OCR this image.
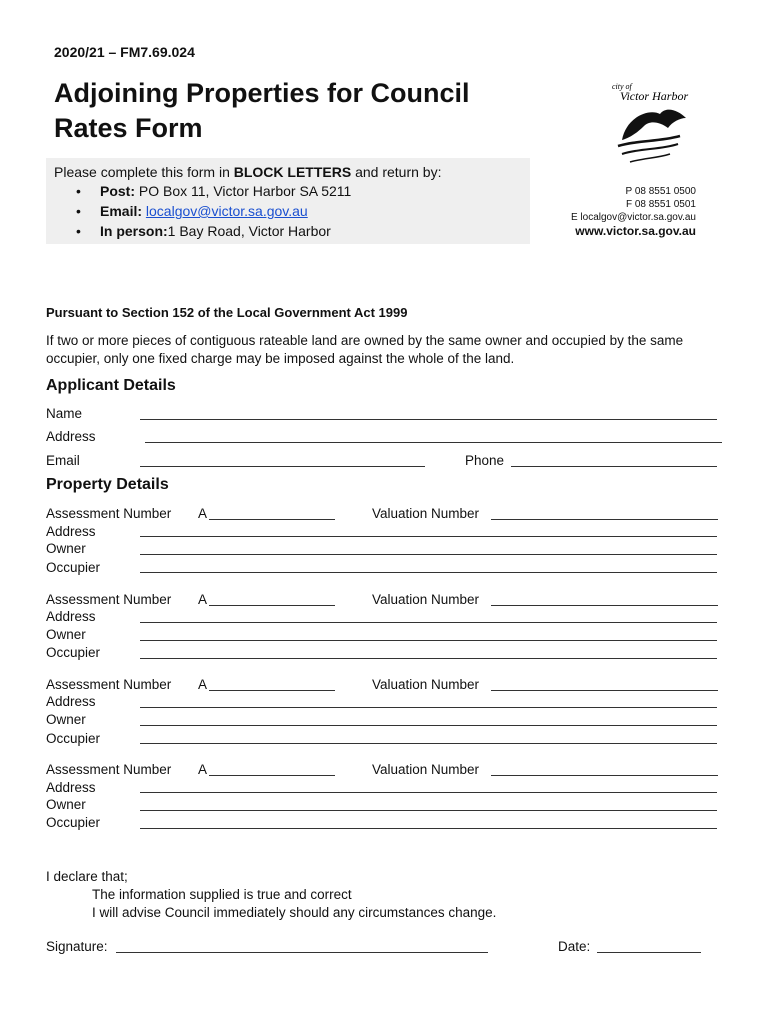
2020/21 – FM7.69.024
Adjoining Properties for Council Rates Form
Please complete this form in BLOCK LETTERS and return by:
• Post: PO Box 11, Victor Harbor SA 5211
• Email: localgov@victor.sa.gov.au
• In person:1 Bay Road, Victor Harbor
city of
Victor Harbor
P 08 8551 0500
F 08 8551 0501
E localgov@victor.sa.gov.au
www.victor.sa.gov.au
Pursuant to Section 152 of the Local Government Act 1999
If two or more pieces of contiguous rateable land are owned by the same owner and occupied by the same occupier, only one fixed charge may be imposed against the whole of the land.
Applicant Details
Name
Address
Email	Phone
Property Details
Assessment Number A	Valuation Number
Address
Owner
Occupier
Assessment Number A	Valuation Number
Address
Owner
Occupier
Assessment Number A	Valuation Number
Address
Owner
Occupier
Assessment Number A	Valuation Number
Address
Owner
Occupier
I declare that;
The information supplied is true and correct
I will advise Council immediately should any circumstances change.
Signature:	Date:
